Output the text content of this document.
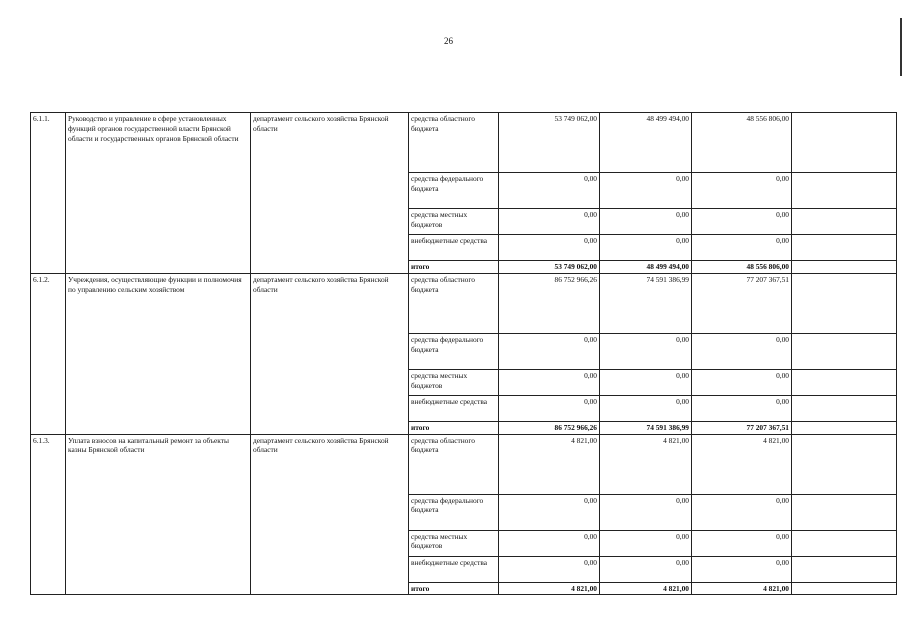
26
6.1.1.	Руководство и управление в сфере установленных функций органов государственной власти Брянской области и государственных органов Брянской области	департамент сельского хозяйства Брянской области	средства областного бюджета	53 749 062,00	48 499 494,00	48 556 806,00	
			средства федерального бюджета	0,00	0,00	0,00	
			средства местных бюджетов	0,00	0,00	0,00	
			внебюджетные средства	0,00	0,00	0,00	
			итого	53 749 062,00	48 499 494,00	48 556 806,00	
6.1.2.	Учреждения, осуществляющие функции и полномочия по управлению сельским хозяйством	департамент сельского хозяйства Брянской области	средства областного бюджета	86 752 966,26	74 591 386,99	77 207 367,51	
			средства федерального бюджета	0,00	0,00	0,00	
			средства местных бюджетов	0,00	0,00	0,00	
			внебюджетные средства	0,00	0,00	0,00	
			итого	86 752 966,26	74 591 386,99	77 207 367,51	
6.1.3.	Уплата взносов на капитальный ремонт за объекты казны Брянской области	департамент сельского хозяйства Брянской области	средства областного бюджета	4 821,00	4 821,00	4 821,00	
			средства федерального бюджета	0,00	0,00	0,00	
			средства местных бюджетов	0,00	0,00	0,00	
			внебюджетные средства	0,00	0,00	0,00	
			итого	4 821,00	4 821,00	4 821,00	
